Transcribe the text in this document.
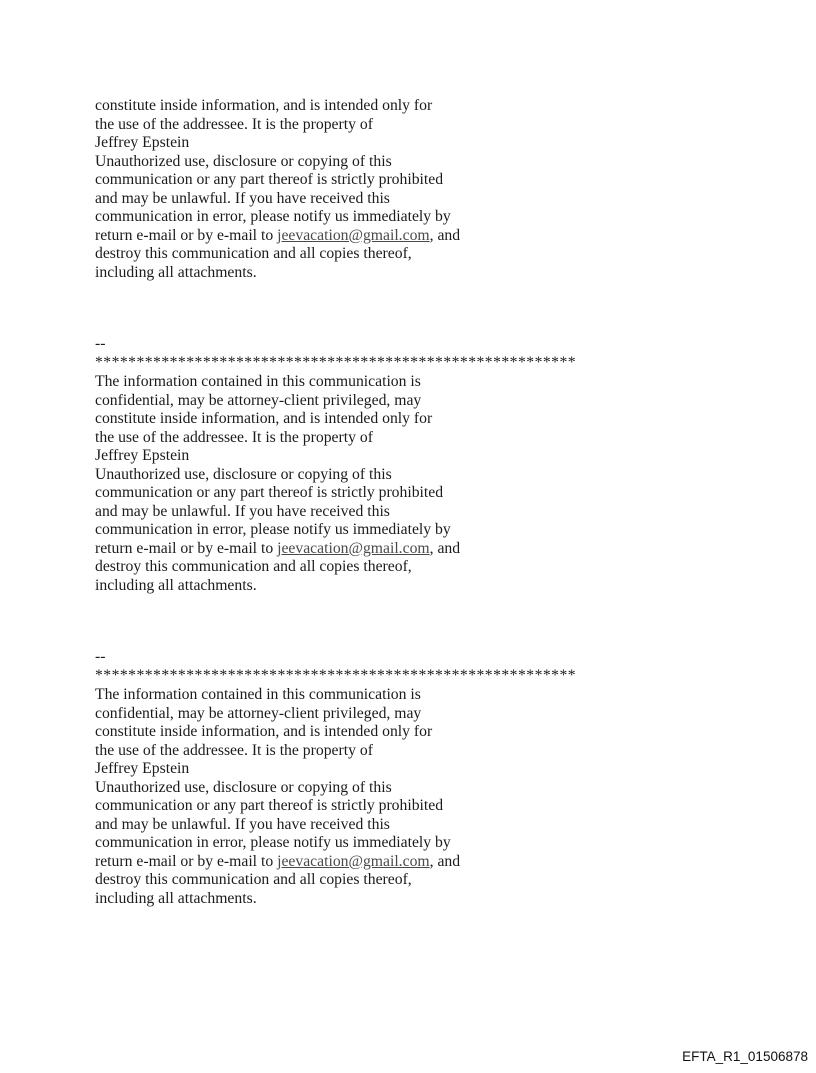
constitute inside information, and is intended only for
the use of the addressee. It is the property of
Jeffrey Epstein
Unauthorized use, disclosure or copying of this
communication or any part thereof is strictly prohibited
and may be unlawful. If you have received this
communication in error, please notify us immediately by
return e-mail or by e-mail to jeevacation@gmail.com, and
destroy this communication and all copies thereof,
including all attachments.
--
**********************************************************
The information contained in this communication is
confidential, may be attorney-client privileged, may
constitute inside information, and is intended only for
the use of the addressee. It is the property of
Jeffrey Epstein
Unauthorized use, disclosure or copying of this
communication or any part thereof is strictly prohibited
and may be unlawful. If you have received this
communication in error, please notify us immediately by
return e-mail or by e-mail to jeevacation@gmail.com, and
destroy this communication and all copies thereof,
including all attachments.
--
**********************************************************
The information contained in this communication is
confidential, may be attorney-client privileged, may
constitute inside information, and is intended only for
the use of the addressee. It is the property of
Jeffrey Epstein
Unauthorized use, disclosure or copying of this
communication or any part thereof is strictly prohibited
and may be unlawful. If you have received this
communication in error, please notify us immediately by
return e-mail or by e-mail to jeevacation@gmail.com, and
destroy this communication and all copies thereof,
including all attachments.
EFTA_R1_01506878
